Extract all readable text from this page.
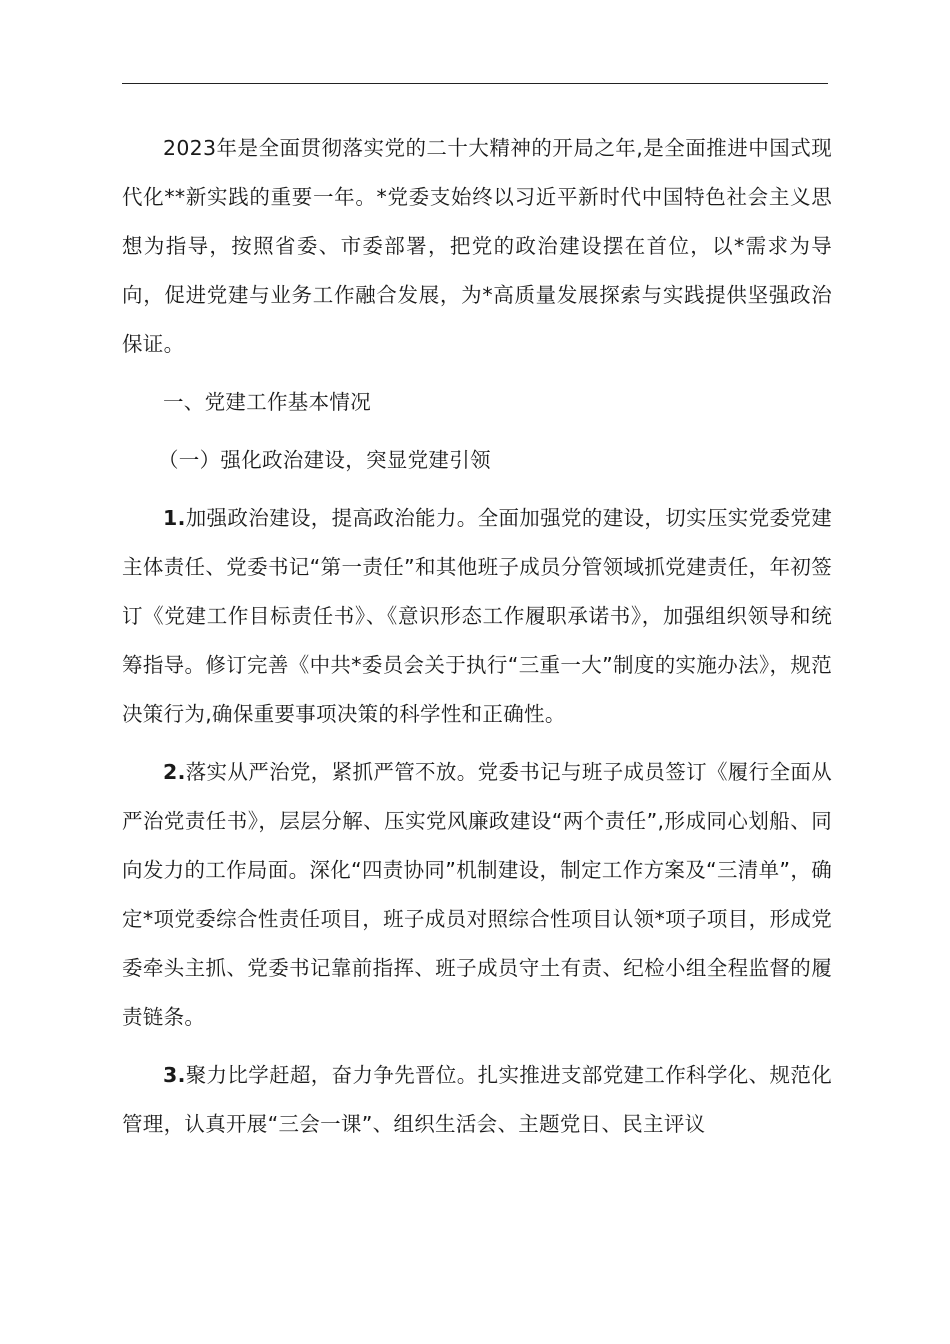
2023年是全面贯彻落实党的二十大精神的开局之年,是全面推进中国式现代化**新实践的重要一年。*党委支始终以习近平新时代中国特色社会主义思想为指导，按照省委、市委部署，把党的政治建设摆在首位，以*需求为导向，促进党建与业务工作融合发展，为*高质量发展探索与实践提供坚强政治保证。

一、党建工作基本情况

（一）强化政治建设，突显党建引领

1.加强政治建设，提高政治能力。全面加强党的建设，切实压实党委党建主体责任、党委书记“第一责任”和其他班子成员分管领域抓党建责任，年初签订《党建工作目标责任书》、《意识形态工作履职承诺书》，加强组织领导和统筹指导。修订完善《中共*委员会关于执行“三重一大”制度的实施办法》，规范决策行为,确保重要事项决策的科学性和正确性。

2.落实从严治党，紧抓严管不放。党委书记与班子成员签订《履行全面从严治党责任书》，层层分解、压实党风廉政建设“两个责任”,形成同心划船、同向发力的工作局面。深化“四责协同”机制建设，制定工作方案及“三清单”，确定*项党委综合性责任项目，班子成员对照综合性项目认领*项子项目，形成党委牵头主抓、党委书记靠前指挥、班子成员守土有责、纪检小组全程监督的履责链条。

3.聚力比学赶超，奋力争先晋位。扎实推进支部党建工作科学化、规范化管理，认真开展“三会一课”、组织生活会、主题党日、民主评议
